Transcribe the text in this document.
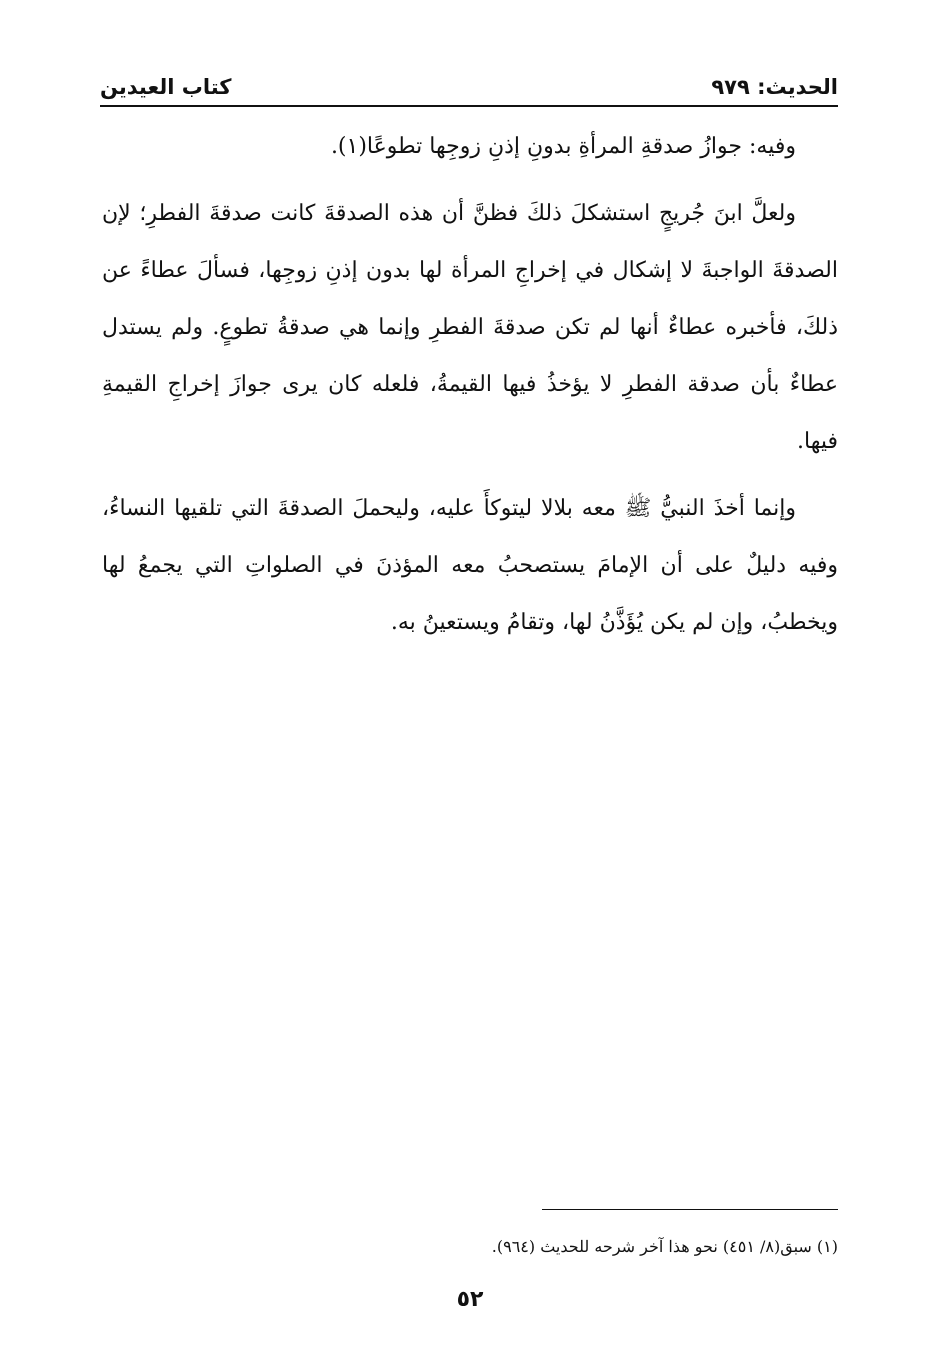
الحديث: ٩٧٩
كتاب العيدين

وفيه: جوازُ صدقةِ المرأةِ بدونِ إذنِ زوجِها تطوعًا(١).

ولعلَّ ابنَ جُريجٍ استشكلَ ذلكَ فظنَّ أن هذه الصدقةَ كانت صدقةَ الفطرِ؛ لإن الصدقةَ الواجبةَ لا إشكال في إخراجِ المرأة لها بدون إذنِ زوجِها، فسألَ عطاءً عن ذلكَ، فأخبره عطاءٌ أنها لم تكن صدقةَ الفطرِ وإنما هي صدقةُ تطوعٍ. ولم يستدل عطاءٌ بأن صدقة الفطرِ لا يؤخذُ فيها القيمةُ، فلعله كان يرى جوازَ إخراجِ القيمةِ فيها.

وإنما أخذَ النبيُّ ﷺ معه بلالا ليتوكأَ عليه، وليحملَ الصدقةَ التي تلقيها النساءُ، وفيه دليلٌ على أن الإمامَ يستصحبُ معه المؤذنَ في الصلواتِ التي يجمعُ لها ويخطبُ، وإن لم يكن يُؤَذَّنُ لها، وتقامُ ويستعينُ به.

(١) سبق(٨/ ٤٥١) نحو هذا آخر شرحه للحديث (٩٦٤).
٥٢
